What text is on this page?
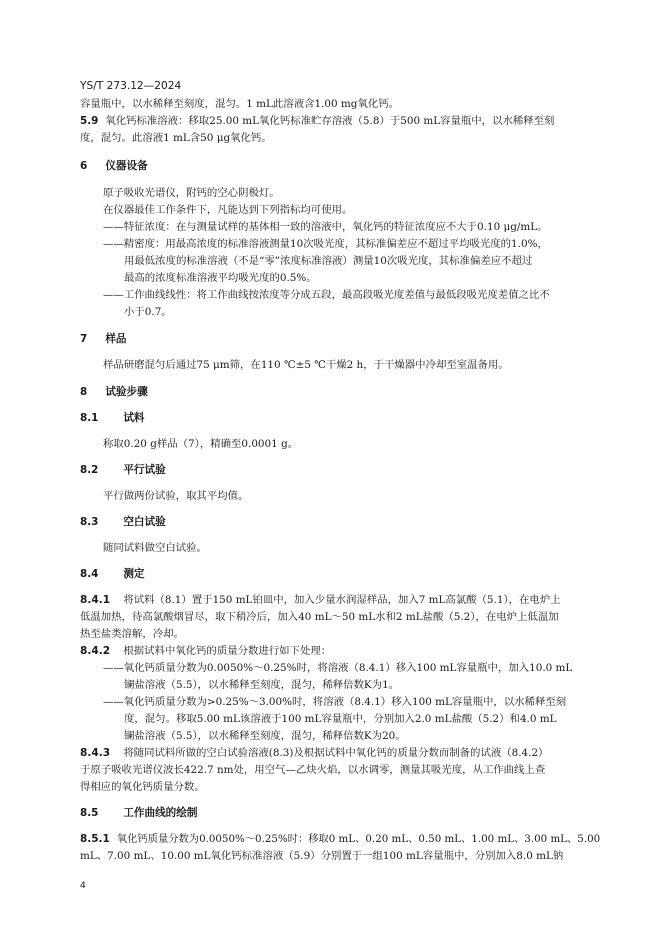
YS/T 273.12—2024
容量瓶中，以水稀释至刻度，混匀。1 mL此溶液含1.00 mg氧化钙。
5.9 氧化钙标准溶液：移取25.00 mL氧化钙标准贮存溶液（5.8）于500 mL容量瓶中，以水稀释至刻
度，混匀。此溶液1 mL含50 μg氧化钙。
6 仪器设备
原子吸收光谱仪，附钙的空心阴极灯。
在仪器最佳工作条件下，凡能达到下列指标均可使用。
——特征浓度：在与测量试样的基体相一致的溶液中，氧化钙的特征浓度应不大于0.10 μg/mL。
——精密度：用最高浓度的标准溶液测量10次吸光度，其标准偏差应不超过平均吸光度的1.0%，
用最低浓度的标准溶液（不是“零”浓度标准溶液）测量10次吸光度，其标准偏差应不超过
最高的浓度标准溶液平均吸光度的0.5%。
——工作曲线线性：将工作曲线按浓度等分成五段，最高段吸光度差值与最低段吸光度差值之比不
小于0.7。
7 样品
样品研磨混匀后通过75 μm筛，在110 ℃±5 ℃干燥2 h，于干燥器中冷却至室温备用。
8 试验步骤
8.1 试料
称取0.20 g样品（7），精确至0.0001 g。
8.2 平行试验
平行做两份试验，取其平均值。
8.3 空白试验
随同试料做空白试验。
8.4 测定
8.4.1 将试料（8.1）置于150 mL铂皿中，加入少量水润湿样品，加入7 mL高氯酸（5.1），在电炉上
低温加热，待高氯酸烟冒尽，取下稍冷后，加入40 mL～50 mL水和2 mL盐酸（5.2），在电炉上低温加
热至盐类溶解，冷却。
8.4.2 根据试料中氧化钙的质量分数进行如下处理：
——氧化钙质量分数为0.0050%～0.25%时，将溶液（8.4.1）移入100 mL容量瓶中，加入10.0 mL
镧盐溶液（5.5），以水稀释至刻度，混匀，稀释倍数K为1。
——氧化钙质量分数为>0.25%～3.00%时，将溶液（8.4.1）移入100 mL容量瓶中，以水稀释至刻
度，混匀。移取5.00 mL该溶液于100 mL容量瓶中，分别加入2.0 mL盐酸（5.2）和4.0 mL
镧盐溶液（5.5），以水稀释至刻度，混匀，稀释倍数K为20。
8.4.3 将随同试料所做的空白试验溶液(8.3)及根据试料中氧化钙的质量分数而制备的试液（8.4.2）
于原子吸收光谱仪波长422.7 nm处，用空气—乙炔火焰，以水调零，测量其吸光度，从工作曲线上查
得相应的氧化钙质量分数。
8.5 工作曲线的绘制
8.5.1 氧化钙质量分数为0.0050%～0.25%时：移取0 mL、0.20 mL、0.50 mL、1.00 mL、3.00 mL、5.00
mL、7.00 mL、10.00 mL氧化钙标准溶液（5.9）分别置于一组100 mL容量瓶中，分别加入8.0 mL钠
4
